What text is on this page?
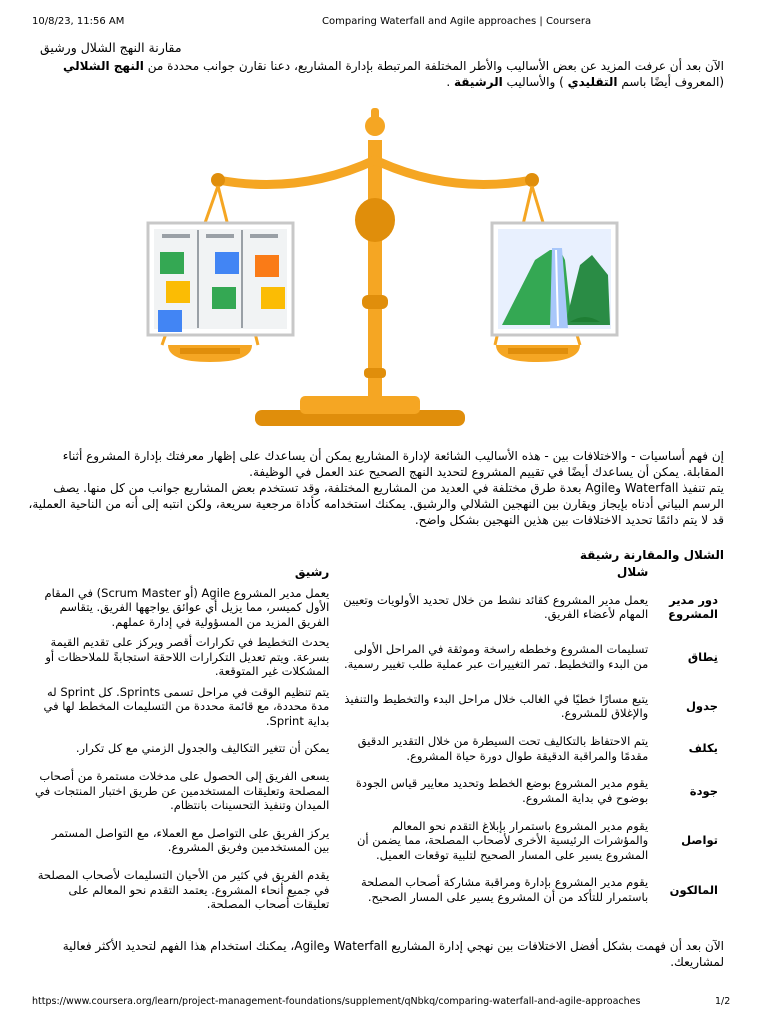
10/8/23, 11:56 AM	Comparing Waterfall and Agile approaches | Coursera
مقارنة النهج الشلال ورشيق
الآن بعد أن عرفت المزيد عن بعض الأساليب والأطر المختلفة المرتبطة بإدارة المشاريع، دعنا نقارن جوانب محددة من النهج الشلالي
(المعروف أيضًا باسم التقليدي ) والأساليب الرشيقة .
إن فهم أساسيات - والاختلافات بين - هذه الأساليب الشائعة لإدارة المشاريع يمكن أن يساعدك على إظهار معرفتك بإدارة المشروع أثناء
المقابلة. يمكن أن يساعدك أيضًا في تقييم المشروع لتحديد النهج الصحيح عند العمل في الوظيفة.
يتم تنفيذ Waterfall وAgile بعدة طرق مختلفة في العديد من المشاريع المختلفة، وقد تستخدم بعض المشاريع جوانب من كل منها. يصف
الرسم البياني أدناه بإيجاز ويقارن بين النهجين الشلالي والرشيق. يمكنك استخدامه كأداة مرجعية سريعة، ولكن انتبه إلى أنه من الناحية العملية،
قد لا يتم دائمًا تحديد الاختلافات بين هذين النهجين بشكل واضح.
الشلال والمقارنة رشيقة
	شلال	رشيق
دور مدير المشروع	يعمل مدير المشروع كقائد نشط من خلال تحديد الأولويات وتعيين المهام لأعضاء الفريق.	يعمل مدير المشروع Agile (أو Scrum Master) في المقام الأول كميسر، مما يزيل أي عوائق يواجهها الفريق. يتقاسم الفريق المزيد من المسؤولية في إدارة عملهم.
نِطاق	تسليمات المشروع وخططه راسخة وموثقة في المراحل الأولى من البدء والتخطيط. تمر التغييرات عبر عملية طلب تغيير رسمية.	يحدث التخطيط في تكرارات أقصر ويركز على تقديم القيمة بسرعة. ويتم تعديل التكرارات اللاحقة استجابةً للملاحظات أو المشكلات غير المتوقعة.
جدول	يتبع مسارًا خطيًا في الغالب خلال مراحل البدء والتخطيط والتنفيذ والإغلاق للمشروع.	يتم تنظيم الوقت في مراحل تسمى Sprints. كل Sprint له مدة محددة، مع قائمة محددة من التسليمات المخطط لها في بداية Sprint.
يكلف	يتم الاحتفاظ بالتكاليف تحت السيطرة من خلال التقدير الدقيق مقدمًا والمراقبة الدقيقة طوال دورة حياة المشروع.	يمكن أن تتغير التكاليف والجدول الزمني مع كل تكرار.
جودة	يقوم مدير المشروع بوضع الخطط وتحديد معايير قياس الجودة بوضوح في بداية المشروع.	يسعى الفريق إلى الحصول على مدخلات مستمرة من أصحاب المصلحة وتعليقات المستخدمين عن طريق اختبار المنتجات في الميدان وتنفيذ التحسينات بانتظام.
تواصل	يقوم مدير المشروع باستمرار بإبلاغ التقدم نحو المعالم والمؤشرات الرئيسية الأخرى لأصحاب المصلحة، مما يضمن أن المشروع يسير على المسار الصحيح لتلبية توقعات العميل.	يركز الفريق على التواصل مع العملاء، مع التواصل المستمر بين المستخدمين وفريق المشروع.
المالكون	يقوم مدير المشروع بإدارة ومراقبة مشاركة أصحاب المصلحة باستمرار للتأكد من أن المشروع يسير على المسار الصحيح.	يقدم الفريق في كثير من الأحيان التسليمات لأصحاب المصلحة في جميع أنحاء المشروع. يعتمد التقدم نحو المعالم على تعليقات أصحاب المصلحة.
الآن بعد أن فهمت بشكل أفضل الاختلافات بين نهجي إدارة المشاريع Waterfall وAgile، يمكنك استخدام هذا الفهم لتحديد الأكثر فعالية
لمشاريعك.
https://www.coursera.org/learn/project-management-foundations/supplement/qNbkq/comparing-waterfall-and-agile-approaches	1/2
